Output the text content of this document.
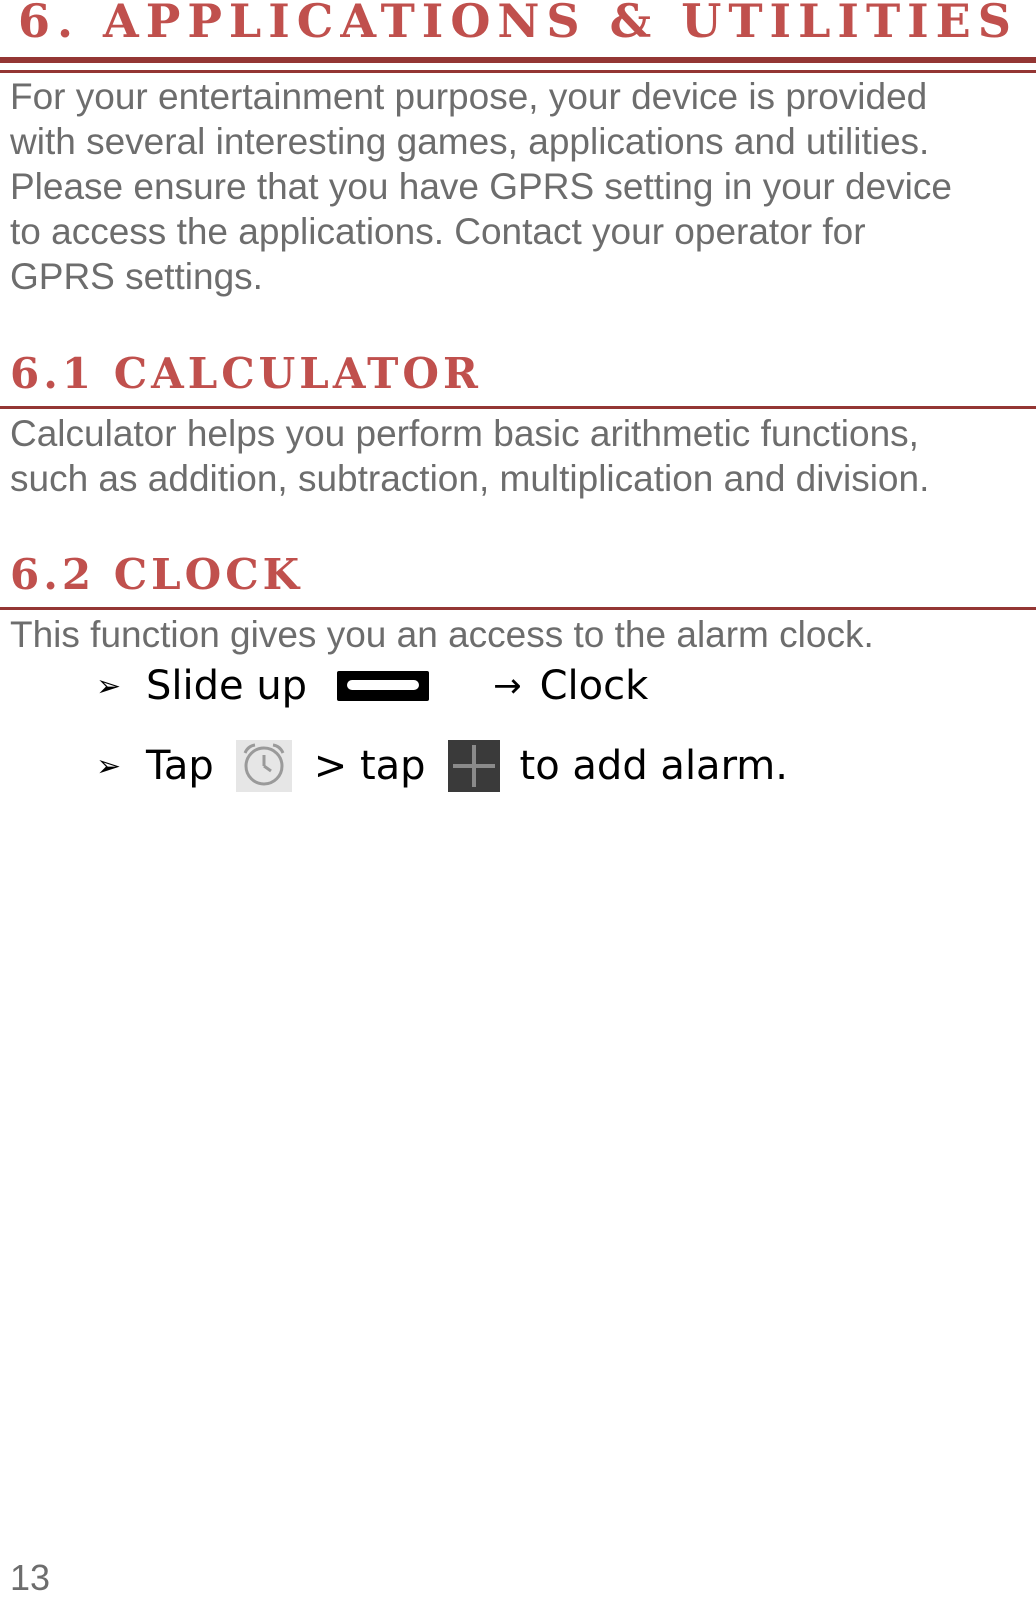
6. APPLICATIONS & UTILITIES
For your entertainment purpose, your device is provided
with several interesting games, applications and utilities.
Please ensure that you have GPRS setting in your device
to access the applications. Contact your operator for
GPRS settings.
6.1 CALCULATOR
Calculator helps you perform basic arithmetic functions,
such as addition, subtraction, multiplication and division.
6.2 CLOCK
This function gives you an access to the alarm clock.
➢ Slide up	→ Clock
➢ Tap	> tap to add alarm.
13
